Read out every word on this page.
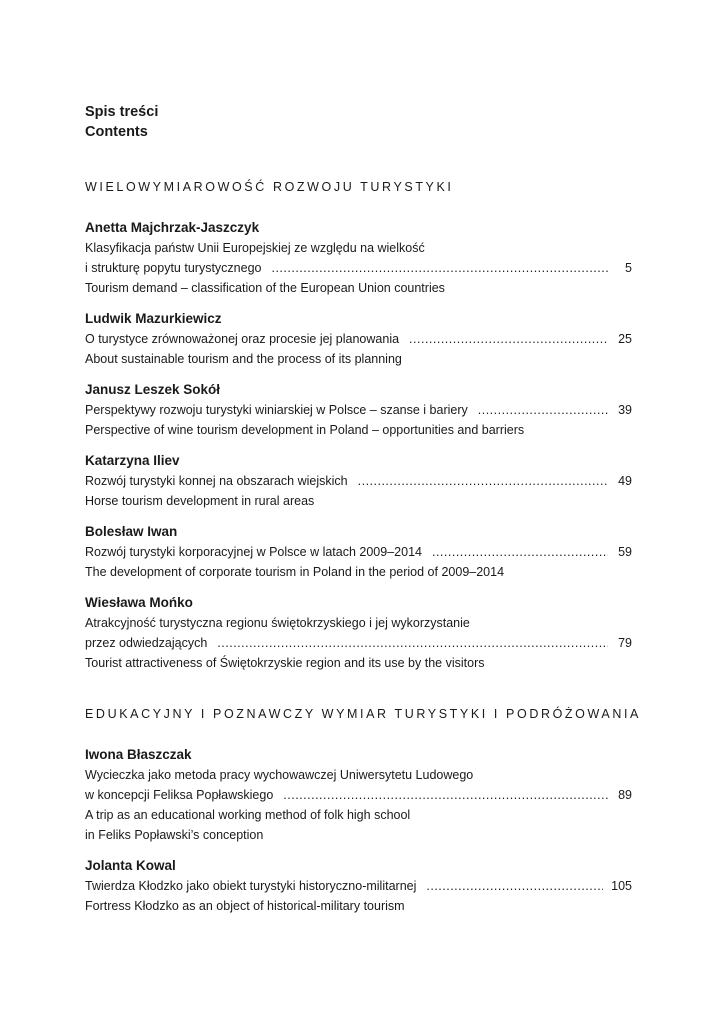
Spis treści
Contents
WIELOWYMIAROWOŚĆ ROZWOJU TURYSTYKI
Anetta Majchrzak-Jaszczyk
Klasyfikacja państw Unii Europejskiej ze względu na wielkość
i strukturę popytu turystycznego .....	5
Tourism demand – classification of the European Union countries
Ludwik Mazurkiewicz
O turystyce zrównoważonej oraz procesie jej planowania .....	25
About sustainable tourism and the process of its planning
Janusz Leszek Sokół
Perspektywy rozwoju turystyki winiarskiej w Polsce – szanse i bariery .....	39
Perspective of wine tourism development in Poland – opportunities and barriers
Katarzyna Iliev
Rozwój turystyki konnej na obszarach wiejskich .....	49
Horse tourism development in rural areas
Bolesław Iwan
Rozwój turystyki korporacyjnej w Polsce w latach 2009–2014 .....	59
The development of corporate tourism in Poland in the period of 2009–2014
Wiesława Mońko
Atrakcyjność turystyczna regionu świętokrzyskiego i jej wykorzystanie
przez odwiedzających .....	79
Tourist attractiveness of Świętokrzyskie region and its use by the visitors
EDUKACYJNY I POZNAWCZY WYMIAR TURYSTYKI I PODRÓŻOWANIA
Iwona Błaszczak
Wycieczka jako metoda pracy wychowawczej Uniwersytetu Ludowego
w koncepcji Feliksa Popławskiego .....	89
A trip as an educational working method of folk high school
in Feliks Popławski’s conception
Jolanta Kowal
Twierdza Kłodzko jako obiekt turystyki historyczno-militarnej .....	105
Fortress Kłodzko as an object of historical-military tourism
